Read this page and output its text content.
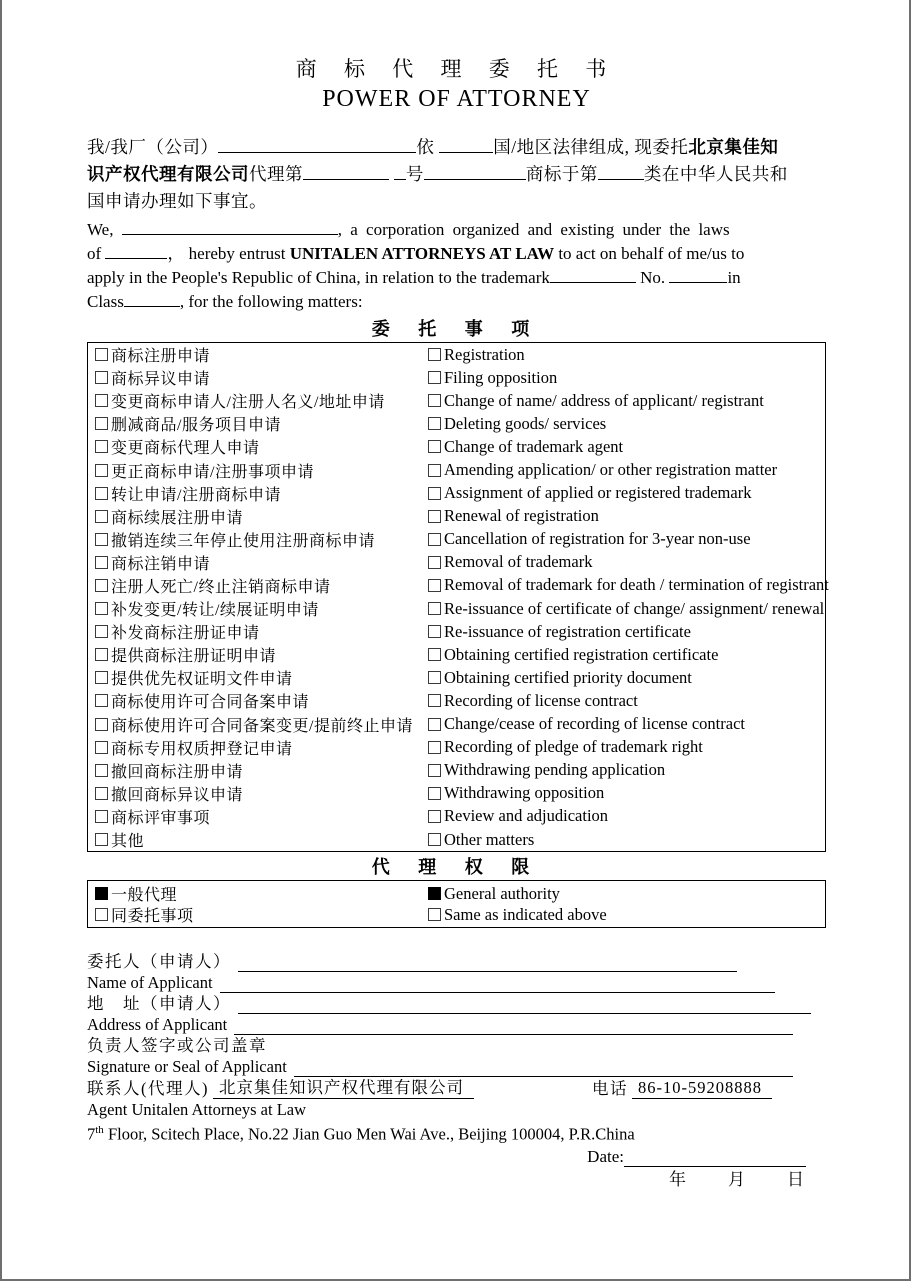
商 标 代 理 委 托 书
POWER OF ATTORNEY
我/我厂（公司）	依	国/地区法律组成, 现委托北京集佳知
识产权代理有限公司代理第	号	商标于第	类在中华人民共和
国申请办理如下事宜。
We,	, a corporation organized and existing under the laws
of	， hereby entrust UNITALEN ATTORNEYS AT LAW to act on behalf of me/us to
apply in the People's Republic of China, in relation to the trademark	No.	in
Class	, for the following matters:
委 托 事 项
商标注册申请	Registration
商标异议申请	Filing opposition
变更商标申请人/注册人名义/地址申请	Change of name/ address of applicant/ registrant
删减商品/服务项目申请	Deleting goods/ services
变更商标代理人申请	Change of trademark agent
更正商标申请/注册事项申请	Amending application/ or other registration matter
转让申请/注册商标申请	Assignment of applied or registered trademark
商标续展注册申请	Renewal of registration
撤销连续三年停止使用注册商标申请	Cancellation of registration for 3-year non-use
商标注销申请	Removal of trademark
注册人死亡/终止注销商标申请	Removal of trademark for death / termination of registrant
补发变更/转让/续展证明申请	Re-issuance of certificate of change/ assignment/ renewal
补发商标注册证申请	Re-issuance of registration certificate
提供商标注册证明申请	Obtaining certified registration certificate
提供优先权证明文件申请	Obtaining certified priority document
商标使用许可合同备案申请	Recording of license contract
商标使用许可合同备案变更/提前终止申请 Change/cease of recording of license contract
商标专用权质押登记申请	Recording of pledge of trademark right
撤回商标注册申请	Withdrawing pending application
撤回商标异议申请	Withdrawing opposition
商标评审事项	Review and adjudication
其他	Other matters
代 理 权 限
一般代理	General authority
同委托事项	Same as indicated above
委托人（申请人）
Name of Applicant
地　址（申请人）
Address of Applicant
负责人签字或公司盖章
Signature or Seal of Applicant
联系人(代理人) 北京集佳知识产权代理有限公司	电话 86-10-59208888
Agent Unitalen Attorneys at Law
7th Floor, Scitech Place, No.22 Jian Guo Men Wai Ave., Beijing 100004, P.R.China
Date:
年 月 日
